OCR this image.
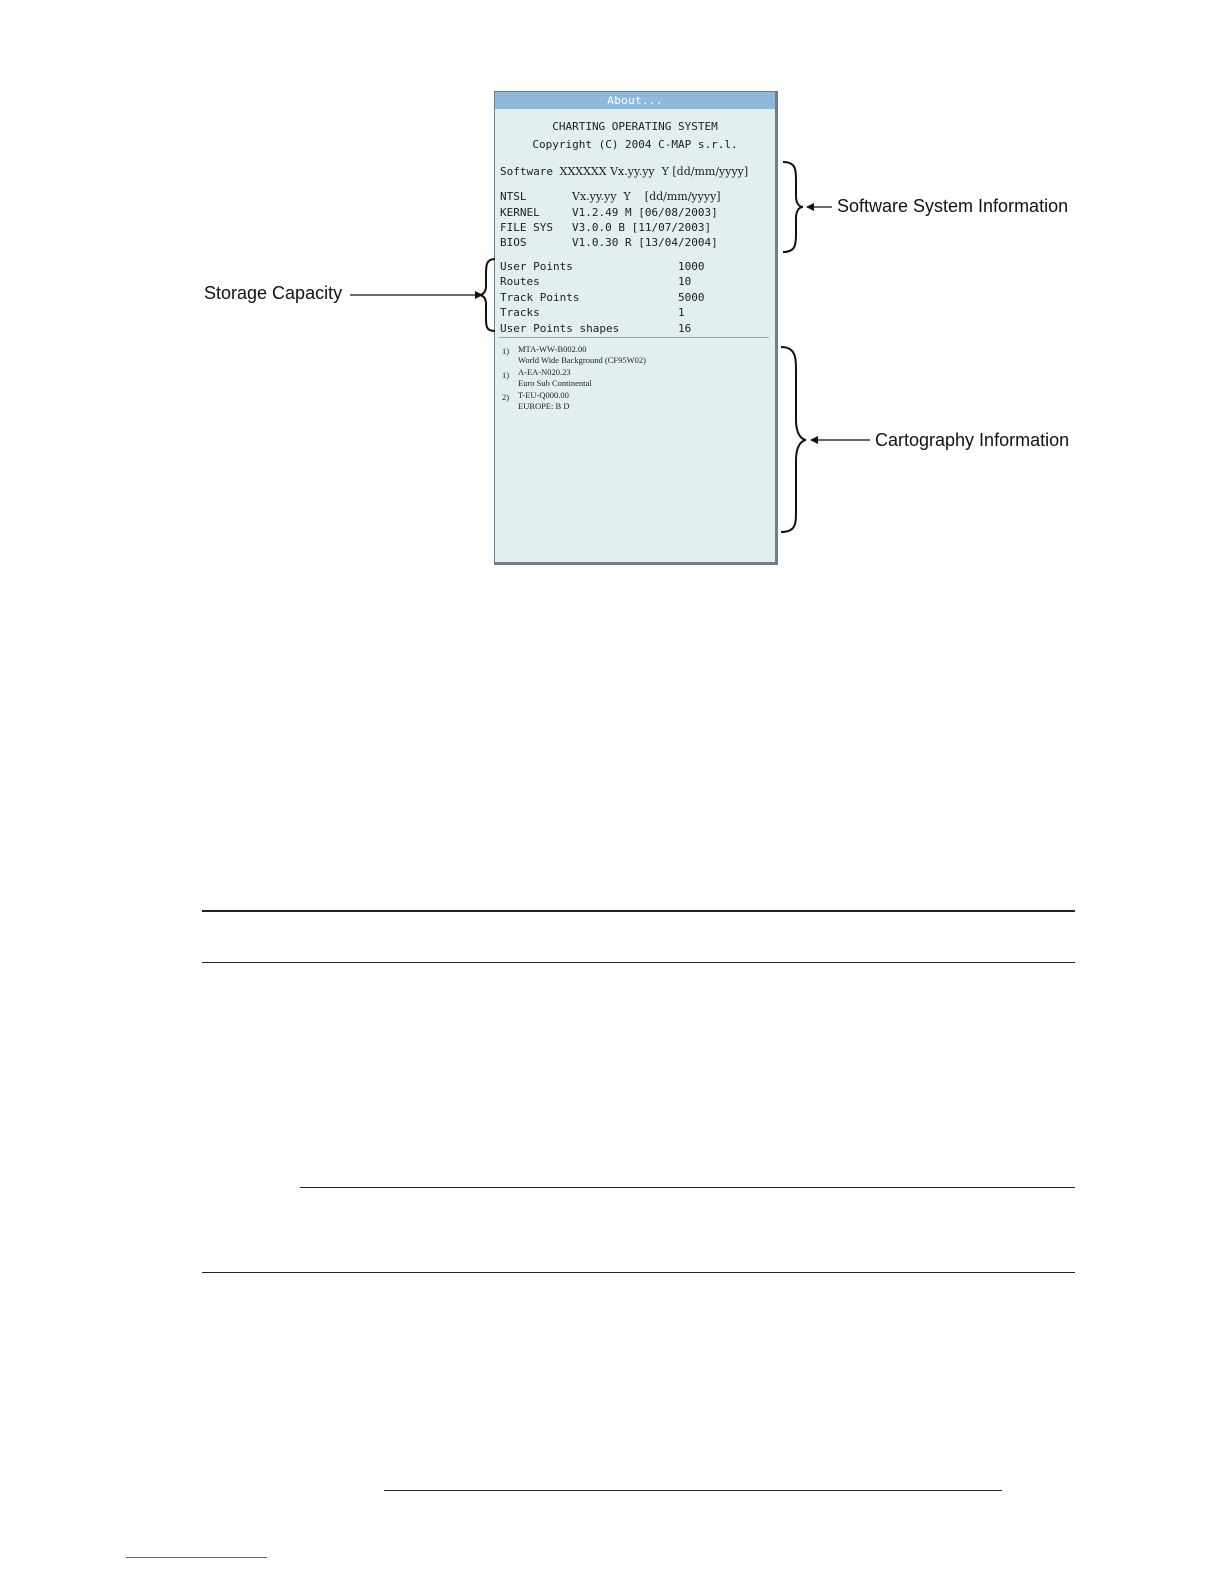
About...
CHARTING OPERATING SYSTEM
Copyright (C) 2004 C-MAP s.r.l.
Software XXXXXX Vx.yy.yy  Y [dd/mm/yyyy]
NTSL	Vx.yy.yy  Y    [dd/mm/yyyy]
KERNEL	V1.2.49 M [06/08/2003]
FILE SYS V3.0.0 B [11/07/2003]
BIOS	V1.0.30 R [13/04/2004]
User Points	1000
Routes	10
Track Points	5000
Tracks	1
User Points shapes	16
1) MTA-WW-B002.00
World Wide Background (CF95W02)
1) A-EA-N020.23
Euro Sub Continental
2) T-EU-Q000.00
EUROPE: B D
Software System Information
Storage Capacity
Cartography Information
